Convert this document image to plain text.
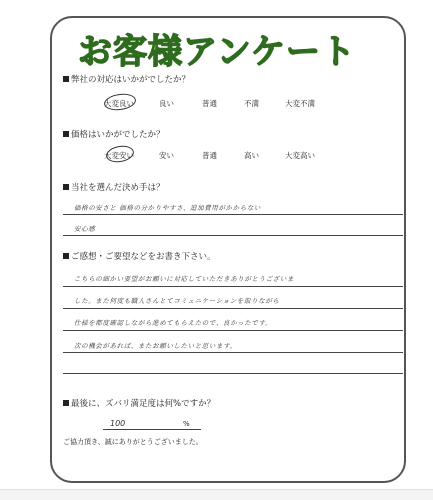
お客様アンケート
弊社の対応はいかがでしたか？
大変良い	良い	普通	不満	大変不満
価格はいかがでしたか？
大変安い	安い	普通	高い	大変高い
当社を選んだ決め手は？
価格の安さと 価格の分かりやすさ、追加費用がかからない
安心感
ご感想・ご要望などをお書き下さい。
こちらの細かい要望がお願いに対応していただきありがとうございま
した。また何度も職人さんとてコミュニケーションを取りながら
仕様を都度確認しながら進めてもらえたので、良かったです。
次の機会があれば、またお願いしたいと思います。
最後に、ズバリ満足度は何%ですか？
100	%
ご協力頂き、誠にありがとうございました。
